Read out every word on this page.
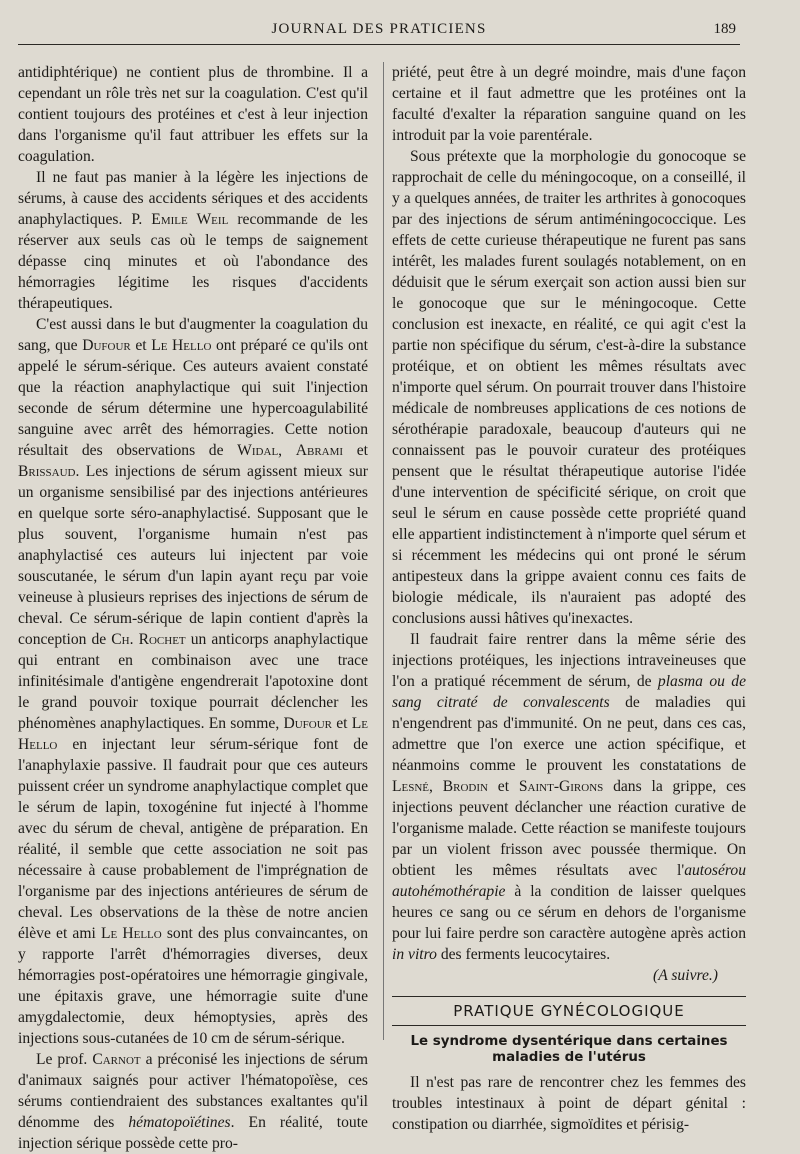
JOURNAL DES PRATICIENS	189

antidiphtérique) ne contient plus de thrombine. Il a cependant un rôle très net sur la coagulation. C'est qu'il contient toujours des protéines et c'est à leur injection dans l'organisme qu'il faut attribuer les effets sur la coagulation.

Il ne faut pas manier à la légère les injections de sérums, à cause des accidents sériques et des accidents anaphylactiques. P. Emile Weil recommande de les réserver aux seuls cas où le temps de saignement dépasse cinq minutes et où l'abondance des hémorragies légitime les risques d'accidents thérapeutiques.

C'est aussi dans le but d'augmenter la coagulation du sang, que Dufour et Le Hello ont préparé ce qu'ils ont appelé le sérum-sérique. Ces auteurs avaient constaté que la réaction anaphylactique qui suit l'injection seconde de sérum détermine une hypercoagulabilité sanguine avec arrêt des hémorragies. Cette notion résultait des observations de Widal, Abrami et Brissaud. Les injections de sérum agissent mieux sur un organisme sensibilisé par des injections antérieures en quelque sorte séro-anaphylactisé. Supposant que le plus souvent, l'organisme humain n'est pas anaphylactisé ces auteurs lui injectent par voie souscutanée, le sérum d'un lapin ayant reçu par voie veineuse à plusieurs reprises des injections de sérum de cheval. Ce sérum-sérique de lapin contient d'après la conception de Ch. Rochet un anticorps anaphylactique qui entrant en combinaison avec une trace infinitésimale d'antigène engendrerait l'apotoxine dont le grand pouvoir toxique pourrait déclencher les phénomènes anaphylactiques. En somme, Dufour et Le Hello en injectant leur sérum-sérique font de l'anaphylaxie passive. Il faudrait pour que ces auteurs puissent créer un syndrome anaphylactique complet que le sérum de lapin, toxogénine fut injecté à l'homme avec du sérum de cheval, antigène de préparation. En réalité, il semble que cette association ne soit pas nécessaire à cause probablement de l'imprégnation de l'organisme par des injections antérieures de sérum de cheval. Les observations de la thèse de notre ancien élève et ami Le Hello sont des plus convaincantes, on y rapporte l'arrêt d'hémorragies diverses, deux hémorragies post-opératoires une hémorragie gingivale, une épitaxis grave, une hémorragie suite d'une amygdalectomie, deux hémoptysies, après des injections sous-cutanées de 10 cm de sérum-sérique.

Le prof. Carnot a préconisé les injections de sérum d'animaux saignés pour activer l'hématopoïèse, ces sérums contiendraient des substances exaltantes qu'il dénomme des hématopoïétines. En réalité, toute injection sérique possède cette pro-

priété, peut être à un degré moindre, mais d'une façon certaine et il faut admettre que les protéines ont la faculté d'exalter la réparation sanguine quand on les introduit par la voie parentérale.

Sous prétexte que la morphologie du gonocoque se rapprochait de celle du méningocoque, on a conseillé, il y a quelques années, de traiter les arthrites à gonocoques par des injections de sérum antiméningococcique. Les effets de cette curieuse thérapeutique ne furent pas sans intérêt, les malades furent soulagés notablement, on en déduisit que le sérum exerçait son action aussi bien sur le gonocoque que sur le méningocoque. Cette conclusion est inexacte, en réalité, ce qui agit c'est la partie non spécifique du sérum, c'est-à-dire la substance protéique, et on obtient les mêmes résultats avec n'importe quel sérum. On pourrait trouver dans l'histoire médicale de nombreuses applications de ces notions de sérothérapie paradoxale, beaucoup d'auteurs qui ne connaissent pas le pouvoir curateur des protéiques pensent que le résultat thérapeutique autorise l'idée d'une intervention de spécificité sérique, on croit que seul le sérum en cause possède cette propriété quand elle appartient indistinctement à n'importe quel sérum et si récemment les médecins qui ont proné le sérum antipesteux dans la grippe avaient connu ces faits de biologie médicale, ils n'auraient pas adopté des conclusions aussi hâtives qu'inexactes.

Il faudrait faire rentrer dans la même série des injections protéiques, les injections intraveineuses que l'on a pratiqué récemment de sérum, de plasma ou de sang citraté de convalescents de maladies qui n'engendrent pas d'immunité. On ne peut, dans ces cas, admettre que l'on exerce une action spécifique, et néanmoins comme le prouvent les constatations de Lesné, Brodin et Saint-Girons dans la grippe, ces injections peuvent déclancher une réaction curative de l'organisme malade. Cette réaction se manifeste toujours par un violent frisson avec poussée thermique. On obtient les mêmes résultats avec l'autosérou autohémothérapie à la condition de laisser quelques heures ce sang ou ce sérum en dehors de l'organisme pour lui faire perdre son caractère autogène après action in vitro des ferments leucocytaires.

(A suivre.)

PRATIQUE GYNÉCOLOGIQUE
Le syndrome dysentérique dans certaines maladies de l'utérus

Il n'est pas rare de rencontrer chez les femmes des troubles intestinaux à point de départ génital : constipation ou diarrhée, sigmoïdites et périsig-
